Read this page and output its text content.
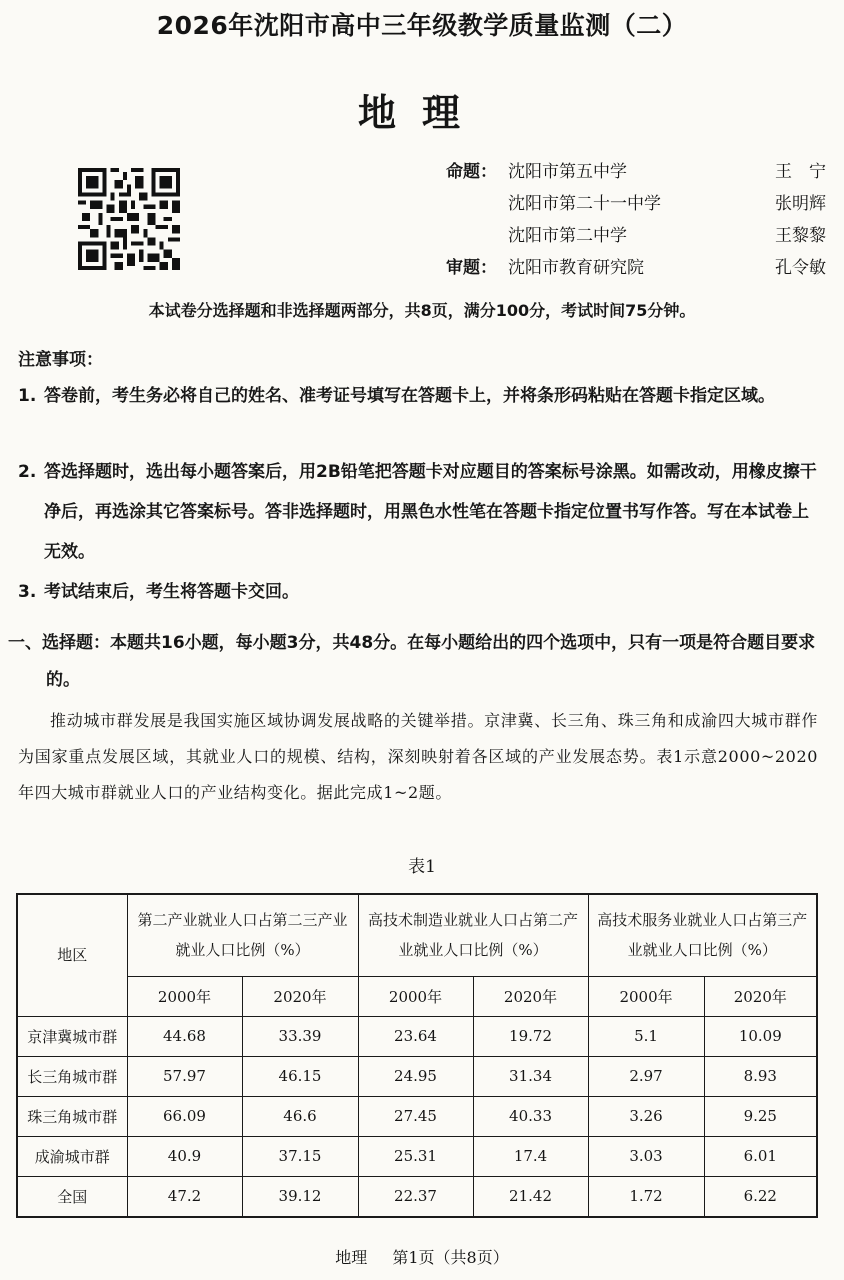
2026年沈阳市高中三年级教学质量监测（二）
地理
命题： 沈阳市第五中学	王　宁
沈阳市第二十一中学	张明辉
沈阳市第二中学	王黎黎
审题： 沈阳市教育研究院	孔令敏
本试卷分选择题和非选择题两部分，共8页，满分100分，考试时间75分钟。
注意事项：
1. 答卷前，考生务必将自己的姓名、准考证号填写在答题卡上，并将条形码粘贴在答题卡指定区域。
2. 答选择题时，选出每小题答案后，用2B铅笔把答题卡对应题目的答案标号涂黑。如需改动，用橡皮擦干净后，再选涂其它答案标号。答非选择题时，用黑色水性笔在答题卡指定位置书写作答。写在本试卷上无效。
3. 考试结束后，考生将答题卡交回。
一、选择题：本题共16小题，每小题3分，共48分。在每小题给出的四个选项中，只有一项是符合题目要求的。
推动城市群发展是我国实施区域协调发展战略的关键举措。京津冀、长三角、珠三角和成渝四大城市群作为国家重点发展区域，其就业人口的规模、结构，深刻映射着各区域的产业发展态势。表1示意2000~2020年四大城市群就业人口的产业结构变化。据此完成1~2题。
表1
地区	第二产业就业人口占第二三产业就业人口比例（%）		高技术制造业就业人口占第二产业就业人口比例（%）		高技术服务业就业人口占第三产业就业人口比例（%）	
	2000年	2020年	2000年	2020年	2000年	2020年
京津冀城市群	44.68	33.39	23.64	19.72	5.1	10.09
长三角城市群	57.97	46.15	24.95	31.34	2.97	8.93
珠三角城市群	66.09	46.6	27.45	40.33	3.26	9.25
成渝城市群	40.9	37.15	25.31	17.4	3.03	6.01
全国	47.2	39.12	22.37	21.42	1.72	6.22
地理 第1页（共8页）
